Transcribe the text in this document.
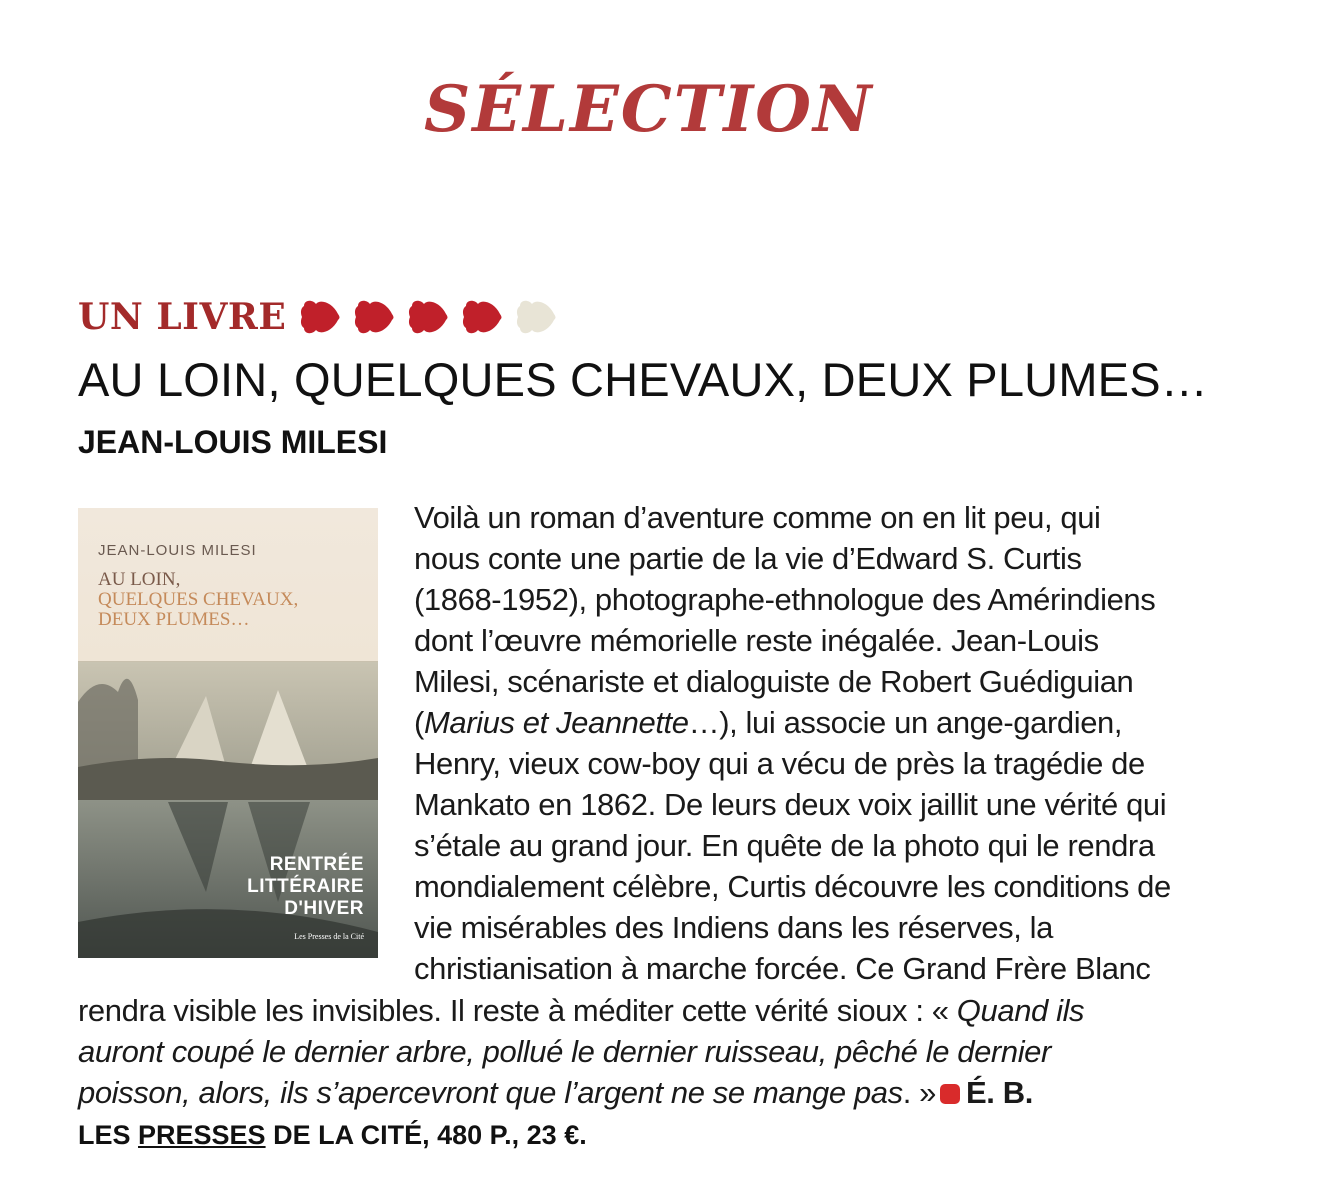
SÉLECTION
UN LIVRE
AU LOIN, QUELQUES CHEVAUX, DEUX PLUMES…
JEAN-LOUIS MILESI
JEAN-LOUIS MILESI
AU LOIN,
QUELQUES CHEVAUX,
DEUX PLUMES…
RENTRÉE
LITTÉRAIRE
D'HIVER
Les Presses de la Cité
Voilà un roman d’aventure comme on en lit peu, qui
nous conte une partie de la vie d’Edward S. Curtis
(1868-1952), photographe-ethnologue des Amérindiens
dont l’œuvre mémorielle reste inégalée. Jean-Louis
Milesi, scénariste et dialoguiste de Robert Guédiguian
(Marius et Jeannette…), lui associe un ange-gardien,
Henry, vieux cow-boy qui a vécu de près la tragédie de
Mankato en 1862. De leurs deux voix jaillit une vérité qui
s’étale au grand jour. En quête de la photo qui le rendra
mondialement célèbre, Curtis découvre les conditions de
vie misérables des Indiens dans les réserves, la
christianisation à marche forcée. Ce Grand Frère Blanc
rendra visible les invisibles. Il reste à méditer cette vérité sioux : « Quand ils
auront coupé le dernier arbre, pollué le dernier ruisseau, pêché le dernier
poisson, alors, ils s’apercevront que l’argent ne se mange pas. » É. B.
LES PRESSES DE LA CITÉ, 480 P., 23 €.
